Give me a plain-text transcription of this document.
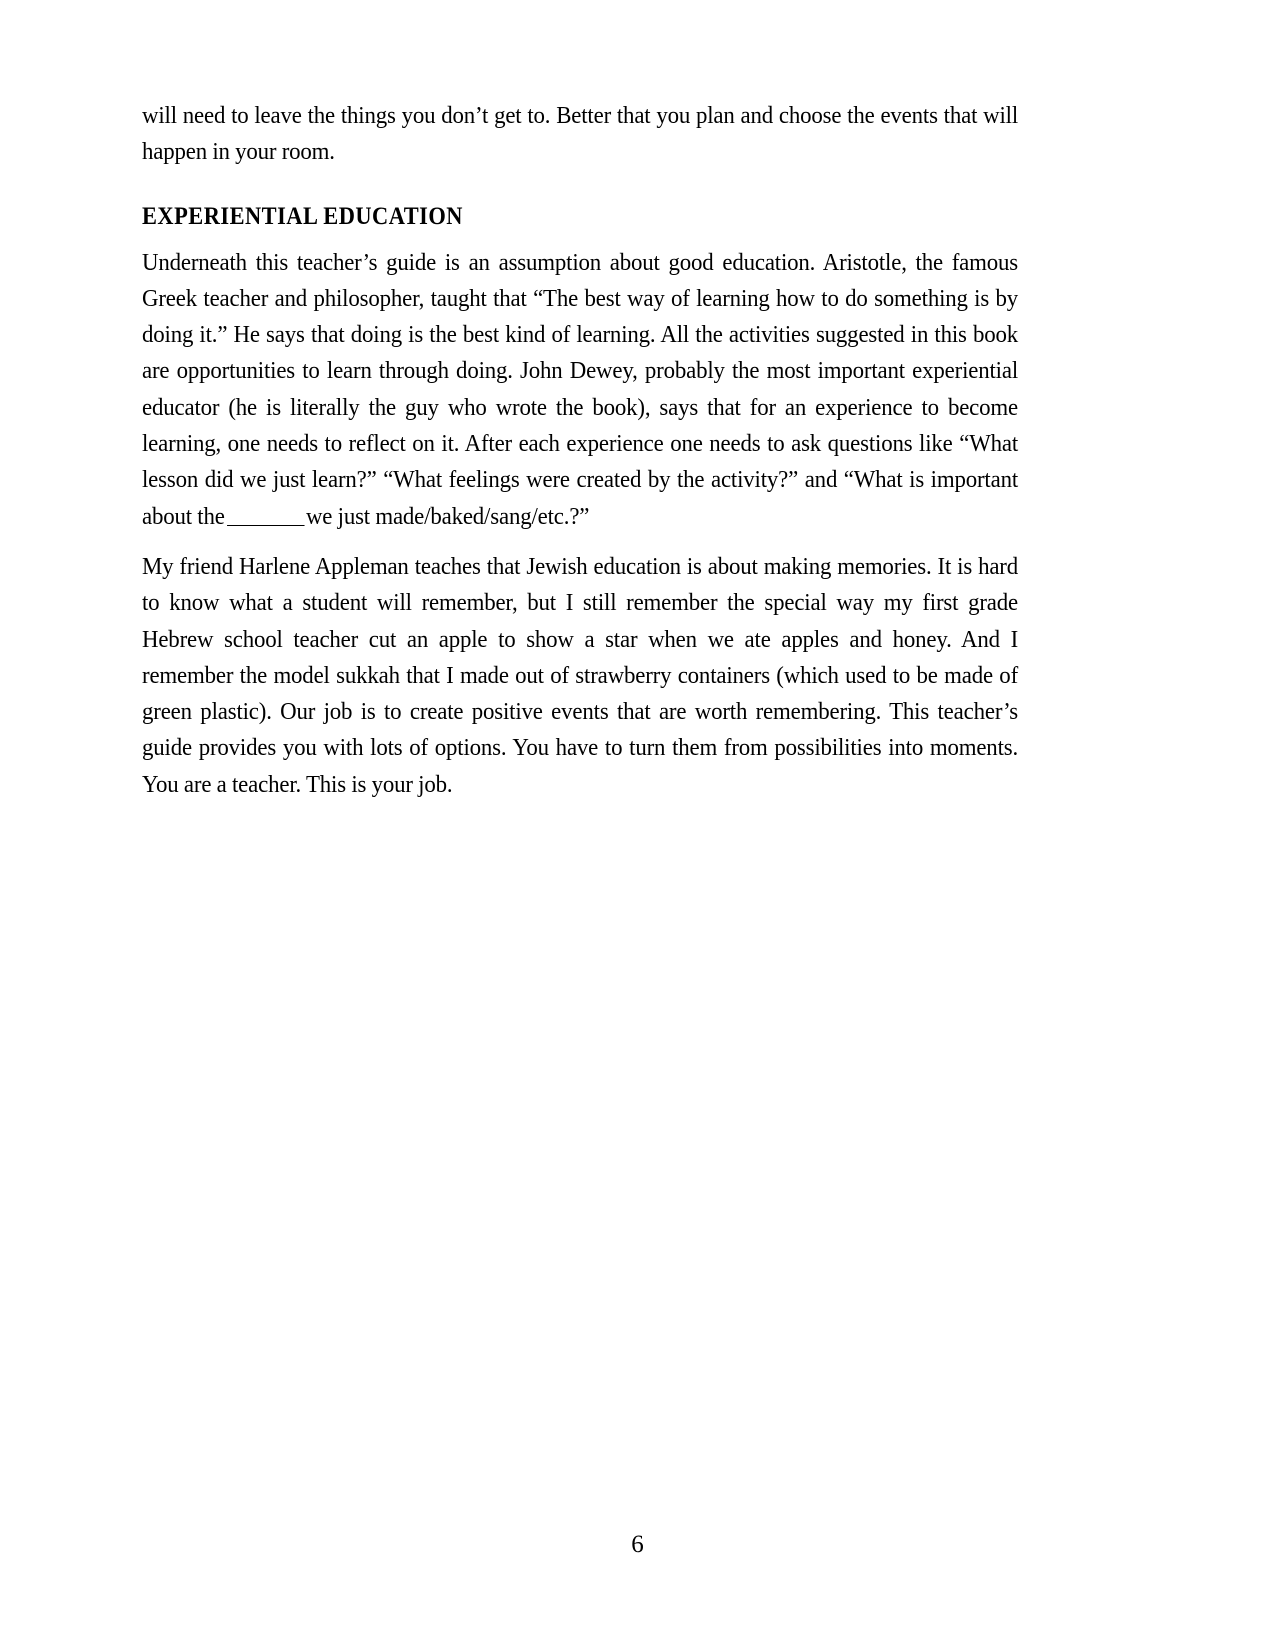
will need to leave the things you don’t get to. Better that you plan and choose the events that will happen in your room.

EXPERIENTIAL EDUCATION

Underneath this teacher’s guide is an assumption about good education. Aristotle, the famous Greek teacher and philosopher, taught that “The best way of learning how to do something is by doing it.” He says that doing is the best kind of learning. All the activities suggested in this book are opportunities to learn through doing. John Dewey, probably the most important experiential educator (he is literally the guy who wrote the book), says that for an experience to become learning, one needs to reflect on it. After each experience one needs to ask questions like “What lesson did we just learn?” “What feelings were created by the activity?” and “What is important about the	we just made/baked/sang/etc.?”

My friend Harlene Appleman teaches that Jewish education is about making memories. It is hard to know what a student will remember, but I still remember the special way my first grade Hebrew school teacher cut an apple to show a star when we ate apples and honey. And I remember the model sukkah that I made out of strawberry containers (which used to be made of green plastic). Our job is to create positive events that are worth remembering. This teacher’s guide provides you with lots of options. You have to turn them from possibilities into moments. You are a teacher. This is your job.

6
